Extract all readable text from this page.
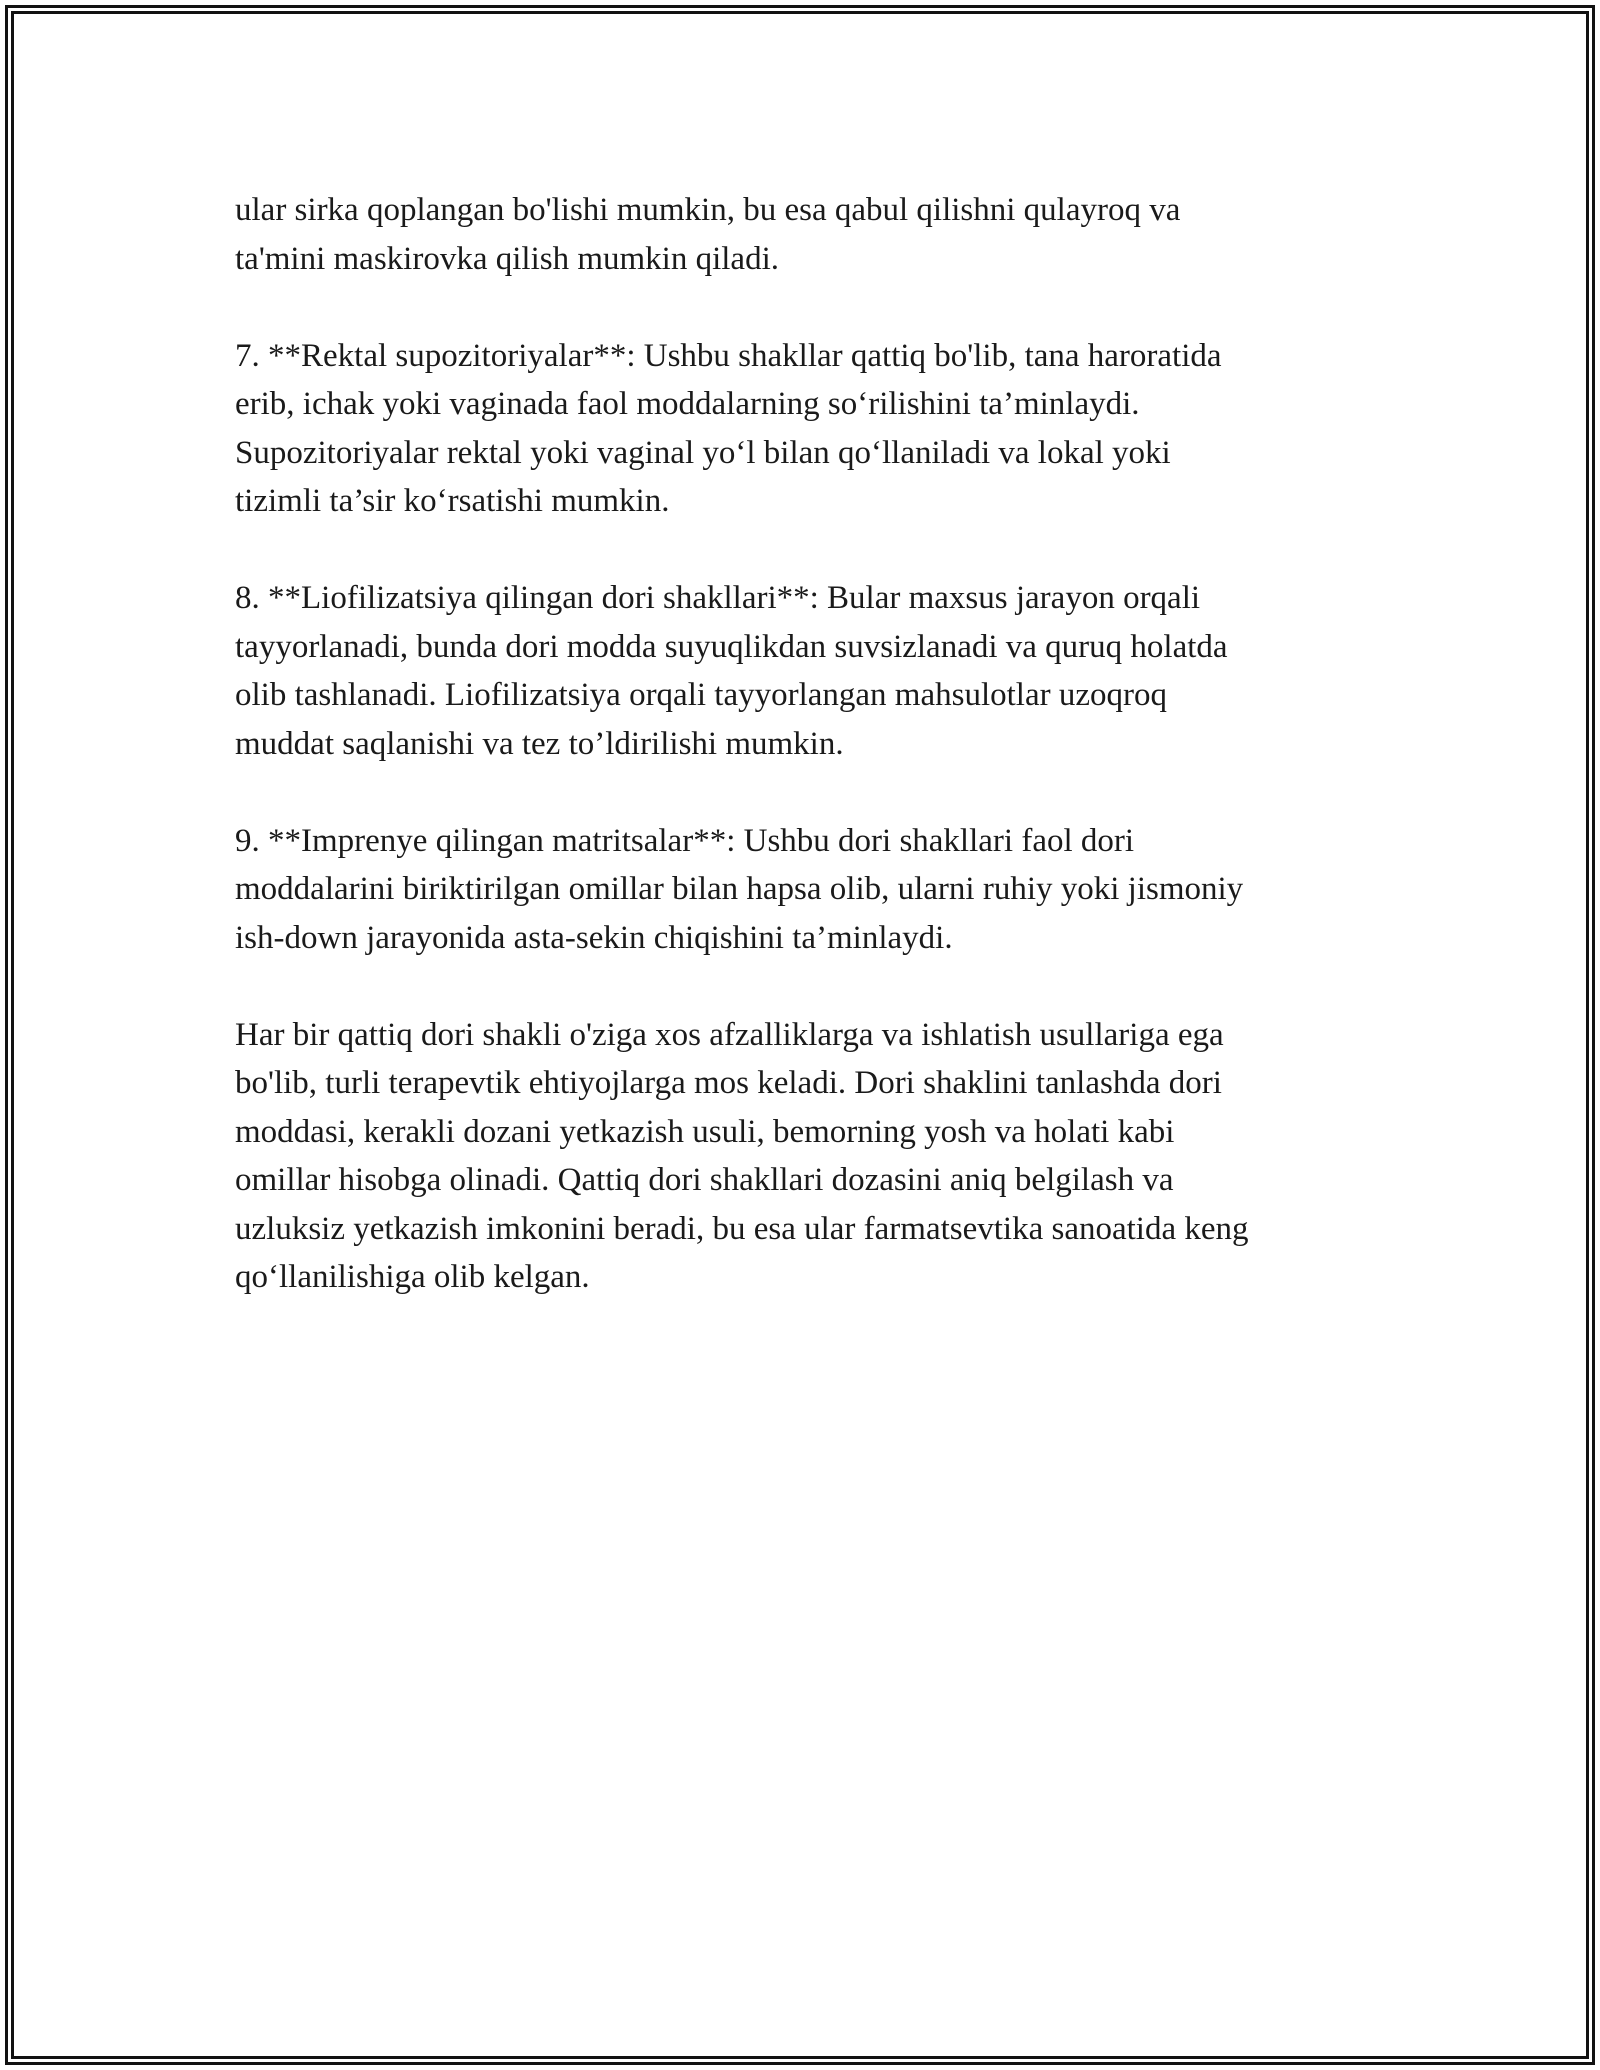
ular sirka qoplangan bo'lishi mumkin, bu esa qabul qilishni qulayroq va
ta'mini maskirovka qilish mumkin qiladi.

7. **Rektal supozitoriyalar**: Ushbu shakllar qattiq bo'lib, tana haroratida
erib, ichak yoki vaginada faol moddalarning so‘rilishini ta’minlaydi.
Supozitoriyalar rektal yoki vaginal yo‘l bilan qo‘llaniladi va lokal yoki
tizimli ta’sir ko‘rsatishi mumkin.

8. **Liofilizatsiya qilingan dori shakllari**: Bular maxsus jarayon orqali
tayyorlanadi, bunda dori modda suyuqlikdan suvsizlanadi va quruq holatda
olib tashlanadi. Liofilizatsiya orqali tayyorlangan mahsulotlar uzoqroq
muddat saqlanishi va tez to’ldirilishi mumkin.

9. **Imprenye qilingan matritsalar**: Ushbu dori shakllari faol dori
moddalarini biriktirilgan omillar bilan hapsa olib, ularni ruhiy yoki jismoniy
ish-down jarayonida asta-sekin chiqishini ta’minlaydi.

Har bir qattiq dori shakli o'ziga xos afzalliklarga va ishlatish usullariga ega
bo'lib, turli terapevtik ehtiyojlarga mos keladi. Dori shaklini tanlashda dori
moddasi, kerakli dozani yetkazish usuli, bemorning yosh va holati kabi
omillar hisobga olinadi. Qattiq dori shakllari dozasini aniq belgilash va
uzluksiz yetkazish imkonini beradi, bu esa ular farmatsevtika sanoatida keng
qo‘llanilishiga olib kelgan.
